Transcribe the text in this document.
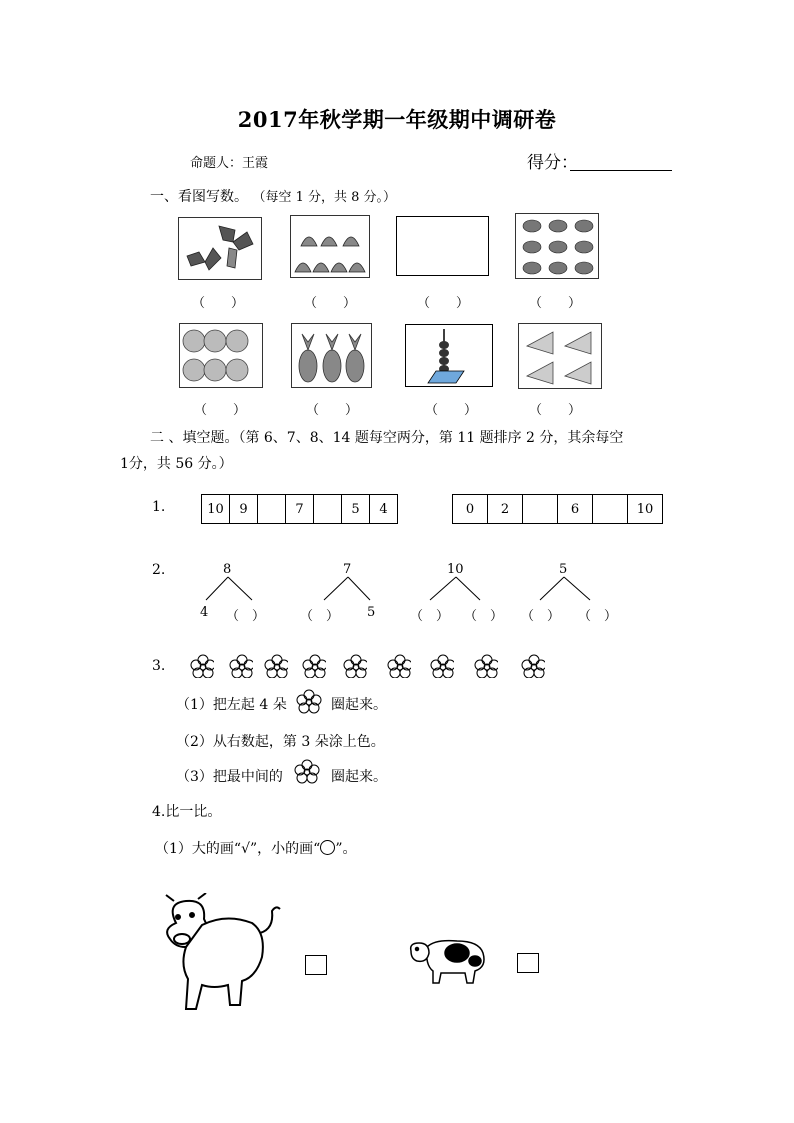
2017年秋学期一年级期中调研卷
命题人：王霞	得分：
一、看图写数。 （每空 1 分，共 8 分。）
（　　）	（　　）	（　　）	（　　）
（　　）	（　　）	（　　）	（　　）
二 、填空题。（第 6、7、8、14 题每空两分，第 11 题排序 2 分，其余每空
1分，共 56 分。）
1.	10	9		7		5	4	0	2		6		10
2.	8
4 （　）
7
（　） 5
10
（　） （　）
5
（　） （　）
3.
（1）把左起 4 朵	圈起来。
（2）从右数起，第 3 朵涂上色。
（3）把最中间的	圈起来。
4.比一比。
（1）大的画“√”，小的画“ ”。
